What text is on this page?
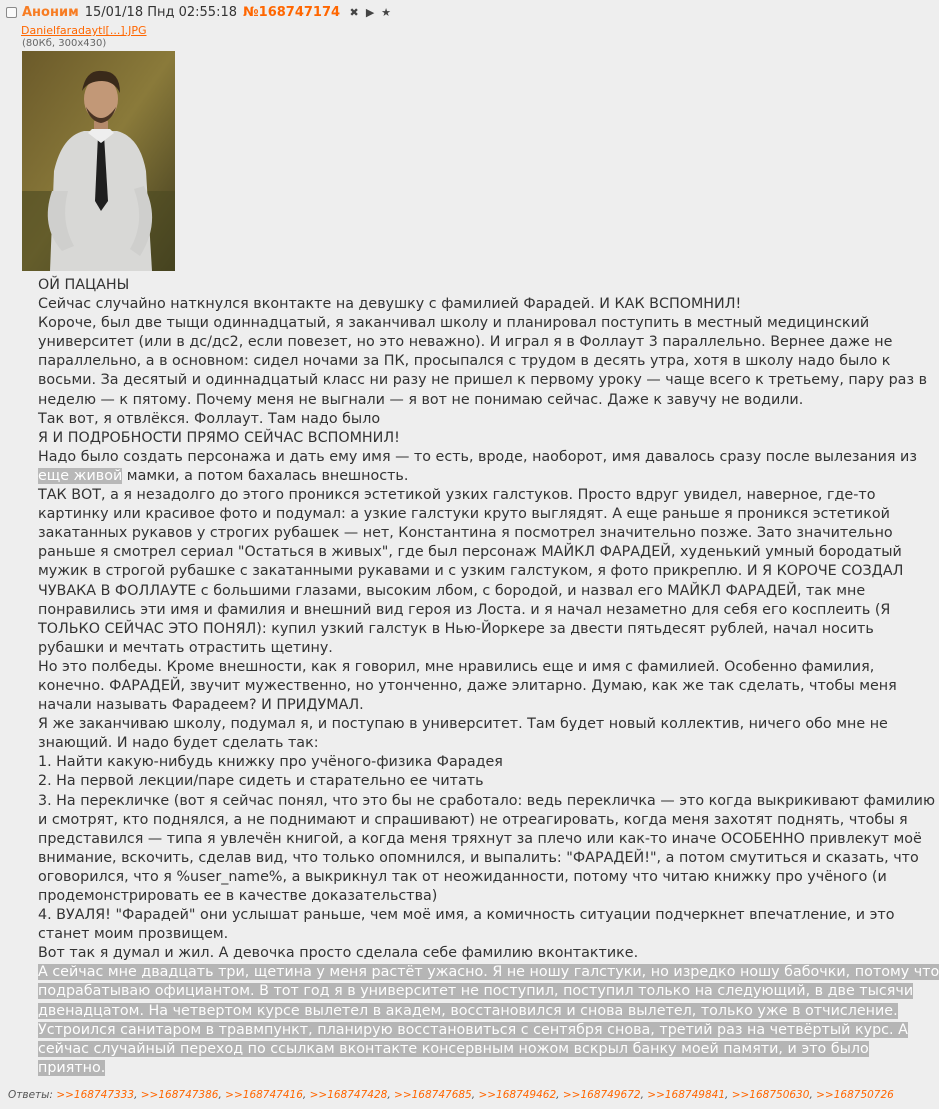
Аноним 15/01/18 Пнд 02:55:18 №168747174 ✖ ▶ ★
Danielfaradaytl[...].JPG
(80Кб, 300x430)
ОЙ ПАЦАНЫ
Сейчас случайно наткнулся вконтакте на девушку с фамилией Фарадей. И КАК ВСПОМНИЛ!
Короче, был две тыщи одиннадцатый, я заканчивал школу и планировал поступить в местный медицинский
университет (или в дс/дс2, если повезет, но это неважно). И играл я в Фоллаут 3 параллельно. Вернее даже не
параллельно, а в основном: сидел ночами за ПК, просыпался с трудом в десять утра, хотя в школу надо было к
восьми. За десятый и одиннадцатый класс ни разу не пришел к первому уроку — чаще всего к третьему, пару раз в
неделю — к пятому. Почему меня не выгнали — я вот не понимаю сейчас. Даже к завучу не водили.
Так вот, я отвлёкся. Фоллаут. Там надо было
Я И ПОДРОБНОСТИ ПРЯМО СЕЙЧАС ВСПОМНИЛ!
Надо было создать персонажа и дать ему имя — то есть, вроде, наоборот, имя давалось сразу после вылезания из
еще живой мамки, а потом бахалась внешность.
ТАК ВОТ, а я незадолго до этого проникся эстетикой узких галстуков. Просто вдруг увидел, наверное, где-то
картинку или красивое фото и подумал: а узкие галстуки круто выглядят. А еще раньше я проникся эстетикой
закатанных рукавов у строгих рубашек — нет, Константина я посмотрел значительно позже. Зато значительно
раньше я смотрел сериал "Остаться в живых", где был персонаж МАЙКЛ ФАРАДЕЙ, худенький умный бородатый
мужик в строгой рубашке с закатанными рукавами и с узким галстуком, я фото прикреплю. И Я КОРОЧЕ СОЗДАЛ
ЧУВАКА В ФОЛЛАУТЕ с большими глазами, высоким лбом, с бородой, и назвал его МАЙКЛ ФАРАДЕЙ, так мне
понравились эти имя и фамилия и внешний вид героя из Лоста. и я начал незаметно для себя его косплеить (Я
ТОЛЬКО СЕЙЧАС ЭТО ПОНЯЛ): купил узкий галстук в Нью-Йоркере за двести пятьдесят рублей, начал носить
рубашки и мечтать отрастить щетину.
Но это полбеды. Кроме внешности, как я говорил, мне нравились еще и имя с фамилией. Особенно фамилия,
конечно. ФАРАДЕЙ, звучит мужественно, но утонченно, даже элитарно. Думаю, как же так сделать, чтобы меня
начали называть Фарадеем? И ПРИДУМАЛ.
Я же заканчиваю школу, подумал я, и поступаю в университет. Там будет новый коллектив, ничего обо мне не
знающий. И надо будет сделать так:
1. Найти какую-нибудь книжку про учёного-физика Фарадея
2. На первой лекции/паре сидеть и старательно ее читать
3. На перекличке (вот я сейчас понял, что это бы не сработало: ведь перекличка — это когда выкрикивают фамилию
и смотрят, кто поднялся, а не поднимают и спрашивают) не отреагировать, когда меня захотят поднять, чтобы я
представился — типа я увлечён книгой, а когда меня тряхнут за плечо или как-то иначе ОСОБЕННО привлекут моё
внимание, вскочить, сделав вид, что только опомнился, и выпалить: "ФАРАДЕЙ!", а потом смутиться и сказать, что
оговорился, что я %user_name%, а выкрикнул так от неожиданности, потому что читаю книжку про учёного (и
продемонстрировать ее в качестве доказательства)
4. ВУАЛЯ! "Фарадей" они услышат раньше, чем моё имя, а комичность ситуации подчеркнет впечатление, и это
станет моим прозвищем.
Вот так я думал и жил. А девочка просто сделала себе фамилию вконтактике.
А сейчас мне двадцать три, щетина у меня растёт ужасно. Я не ношу галстуки, но изредко ношу бабочки, потому что
подрабатываю официантом. В тот год я в университет не поступил, поступил только на следующий, в две тысячи
двенадцатом. На четвертом курсе вылетел в академ, восстановился и снова вылетел, только уже в отчисление.
Устроился санитаром в травмпункт, планирую восстановиться с сентября снова, третий раз на четвёртый курс. А
сейчас случайный переход по ссылкам вконтакте консервным ножом вскрыл банку моей памяти, и это было
приятно.
Ответы: >>168747333, >>168747386, >>168747416, >>168747428, >>168747685, >>168749462, >>168749672, >>168749841, >>168750630, >>168750726
